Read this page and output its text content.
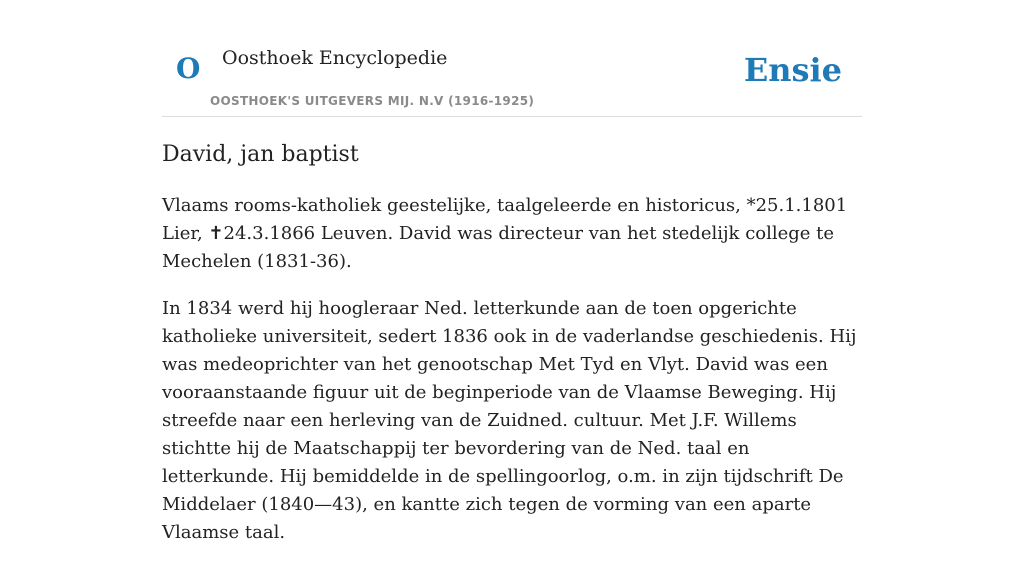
O Oosthoek Encyclopedie
OOSTHOEK'S UITGEVERS MIJ. N.V (1916-1925)
Ensie
David, jan baptist

Vlaams rooms-katholiek geestelijke, taalgeleerde en historicus, *25.1.1801 Lier, ✝24.3.1866 Leuven. David was directeur van het stedelijk college te Mechelen (1831-36).

In 1834 werd hij hoogleraar Ned. letterkunde aan de toen opgerichte katholieke universiteit, sedert 1836 ook in de vaderlandse geschiedenis. Hij was medeoprichter van het genootschap Met Tyd en Vlyt. David was een vooraanstaande figuur uit de beginperiode van de Vlaamse Beweging. Hij streefde naar een herleving van de Zuidned. cultuur. Met J.F. Willems stichtte hij de Maatschappij ter bevordering van de Ned. taal en letterkunde. Hij bemiddelde in de spellingoorlog, o.m. in zijn tijdschrift De Middelaer (1840—43), en kantte zich tegen de vorming van een aparte Vlaamse taal.
